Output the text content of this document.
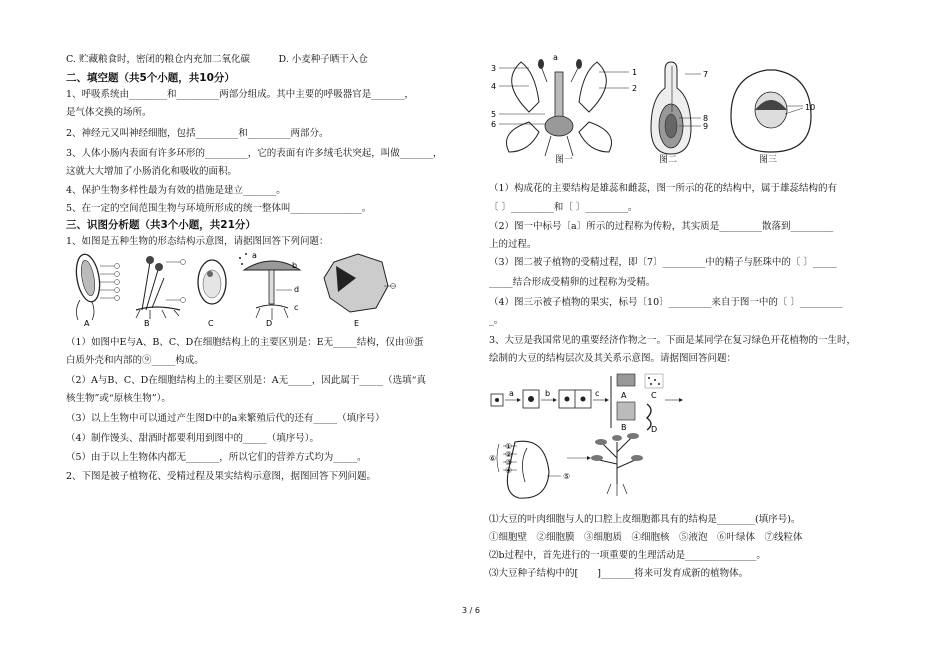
C. 贮藏粮食时，密闭的粮仓内充加二氧化碳　　　D. 小麦种子晒干入仓
二、填空题（共5个小题，共10分）
1、呼吸系统由________和_________两部分组成。其中主要的呼吸器官是_______，
是气体交换的场所。
2、神经元又叫神经细胞，包括_________和_________两部分。
3、人体小肠内表面有许多环形的_________，它的表面有许多绒毛状突起，叫做_______，
这就大大增加了小肠消化和吸收的面积。
4、保护生物多样性最为有效的措施是建立_______。
5、在一定的空间范围生物与环境所形成的统一整体叫_______________。
三、识图分析题（共3个小题，共21分）
1、如图是五种生物的形态结构示意图，请据图回答下列问题：
a
b
d
c
A	B	C	D	E
（1）如图中E与A、B、C、D在细胞结构上的主要区别是：E无_____结构，仅由⑩蛋
白质外壳和内部的⑨_____构成。
（2）A与B、C、D在细胞结构上的主要区别是：A无_____，因此属于_____（选填“真
核生物”或“原核生物”）。
（3）以上生物中可以通过产生图D中的a来繁殖后代的还有_____（填序号）
（4）制作馒头、甜酒时都要利用到图中的_____（填序号）。
（5）由于以上生物体内都无_______，所以它们的营养方式均为_____。
2、下图是被子植物花、受精过程及果实结构示意图，据图回答下列问题。
a
1
2
3
4
5
6
7
8
9
10
图一	图二	图三
（1）构成花的主要结构是雄蕊和雌蕊，图一所示的花的结构中，属于雄蕊结构的有
〔 〕_________和〔 〕_________。
（2）图一中标号〔a〕所示的过程称为传粉，其实质是_________散落到_________
上的过程。
（3）图二被子植物的受精过程，即〔7〕_________中的精子与胚珠中的〔 〕_____
_____结合形成受精卵的过程称为受精。
（4）图三示被子植物的果实，标号〔10〕_________来自于图一中的〔 〕_________
_。
3、大豆是我国常见的重要经济作物之一。下面是某同学在复习绿色开花植物的一生时，
绘制的大豆的结构层次及其关系示意图。请据图回答问题：
a	b	c	A
B
C
D
①
②
③
④
⑤
⑥
⑴大豆的叶肉细胞与人的口腔上皮细胞都具有的结构是________(填序号)。
①细胞壁　②细胞膜　③细胞质　④细胞核　⑤液泡　⑥叶绿体　⑦线粒体
⑵b过程中，首先进行的一项重要的生理活动是_______________。
⑶大豆种子结构中的[　　]_______将来可发育成新的植物体。
3 / 6
